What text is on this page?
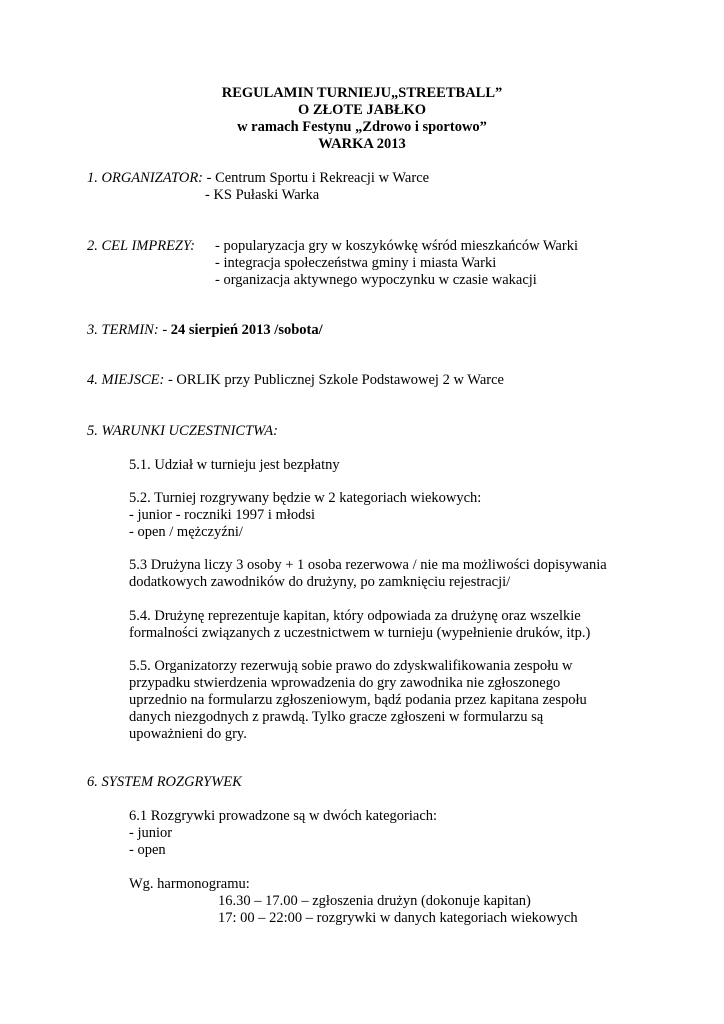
REGULAMIN TURNIEJU„STREETBALL”
O ZŁOTE JABŁKO
w ramach Festynu „Zdrowo i sportowo”
WARKA 2013
1. ORGANIZATOR: - Centrum Sportu i Rekreacji w Warce
- KS Pułaski Warka
2. CEL IMPREZY: - popularyzacja gry w koszykówkę wśród mieszkańców Warki
- integracja społeczeństwa gminy i miasta Warki
- organizacja aktywnego wypoczynku w czasie wakacji
3. TERMIN: - 24 sierpień 2013 /sobota/
4. MIEJSCE: - ORLIK przy Publicznej Szkole Podstawowej 2 w Warce
5. WARUNKI UCZESTNICTWA:
5.1. Udział w turnieju jest bezpłatny
5.2. Turniej rozgrywany będzie w 2 kategoriach wiekowych:
- junior - roczniki 1997 i młodsi
- open / mężczyźni/
5.3 Drużyna liczy 3 osoby + 1 osoba rezerwowa / nie ma możliwości dopisywania
dodatkowych zawodników do drużyny, po zamknięciu rejestracji/
5.4. Drużynę reprezentuje kapitan, który odpowiada za drużynę oraz wszelkie
formalności związanych z uczestnictwem w turnieju (wypełnienie druków, itp.)
5.5. Organizatorzy rezerwują sobie prawo do zdyskwalifikowania zespołu w
przypadku stwierdzenia wprowadzenia do gry zawodnika nie zgłoszonego
uprzednio na formularzu zgłoszeniowym, bądź podania przez kapitana zespołu
danych niezgodnych z prawdą. Tylko gracze zgłoszeni w formularzu są
upoważnieni do gry.
6. SYSTEM ROZGRYWEK
6.1 Rozgrywki prowadzone są w dwóch kategoriach:
- junior
- open
Wg. harmonogramu:
16.30 – 17.00 – zgłoszenia drużyn (dokonuje kapitan)
17: 00 – 22:00 – rozgrywki w danych kategoriach wiekowych
